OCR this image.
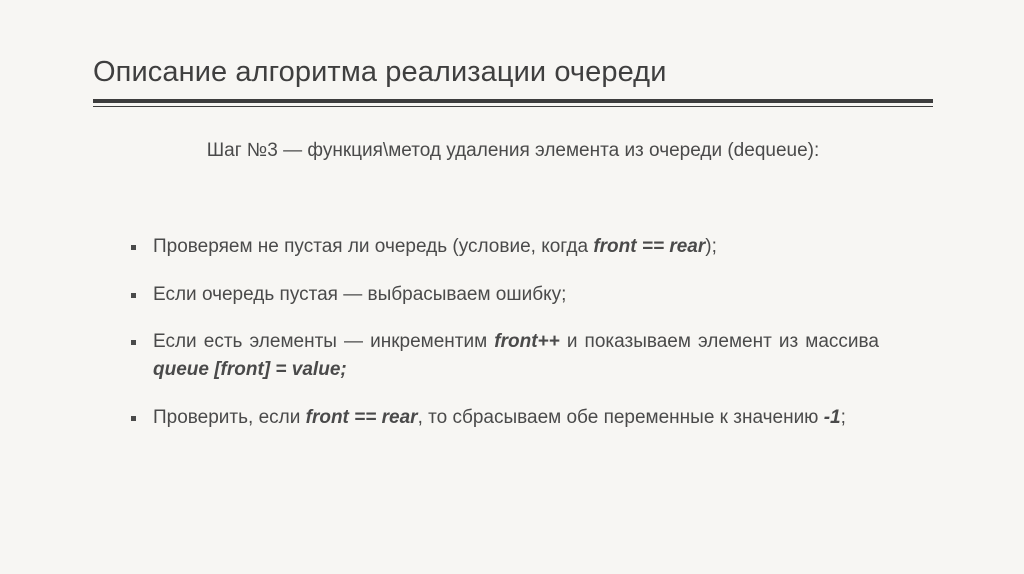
Описание алгоритма реализации очереди
Шаг №3 — функция\метод удаления элемента из очереди (dequeue):
Проверяем не пустая ли очередь (условие, когда front == rear);
Если очередь пустая — выбрасываем ошибку;
Если есть элементы — инкрементим front++ и показываем элемент из массива queue [front] = value;
Проверить, если front == rear, то сбрасываем обе переменные к значению -1;
